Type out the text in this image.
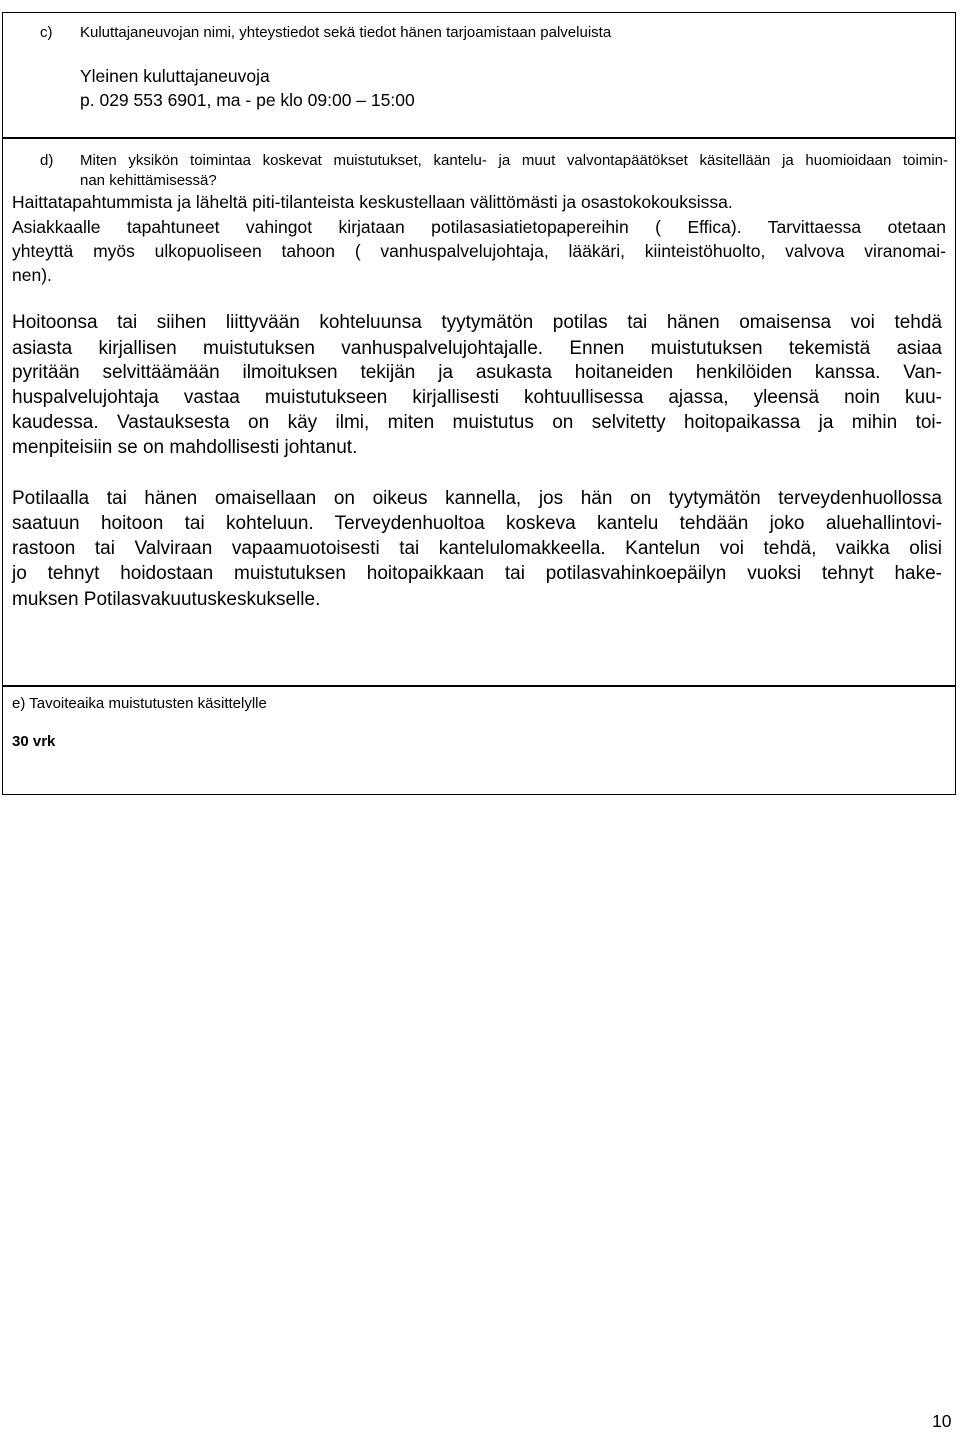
c) Kuluttajaneuvojan nimi, yhteystiedot sekä tiedot hänen tarjoamistaan palveluista

Yleinen kuluttajaneuvoja

p. 029 553 6901, ma - pe klo 09:00 – 15:00

d) Miten yksikön toimintaa koskevat muistutukset, kantelu- ja muut valvontapäätökset käsitellään ja huomioidaan toimin-

nan kehittämisessä?

Haittatapahtummista ja läheltä piti-tilanteista keskustellaan välittömästi ja osastokokouksissa.

Asiakkaalle tapahtuneet vahingot kirjataan potilasasiatietopapereihin ( Effica). Tarvittaessa otetaan

yhteyttä myös ulkopuoliseen tahoon ( vanhuspalvelujohtaja, lääkäri, kiinteistöhuolto, valvova viranomai-

nen).

Hoitoonsa tai siihen liittyvään kohteluunsa tyytymätön potilas tai hänen omaisensa voi tehdä

asiasta kirjallisen muistutuksen vanhuspalvelujohtajalle. Ennen muistutuksen tekemistä asiaa

pyritään selvittäämään ilmoituksen tekijän ja asukasta hoitaneiden henkilöiden kanssa. Van-

huspalvelujohtaja vastaa muistutukseen kirjallisesti kohtuullisessa ajassa, yleensä noin kuu-

kaudessa. Vastauksesta on käy ilmi, miten muistutus on selvitetty hoitopaikassa ja mihin toi-

menpiteisiin se on mahdollisesti johtanut.

Potilaalla tai hänen omaisellaan on oikeus kannella, jos hän on tyytymätön terveydenhuollossa

saatuun hoitoon tai kohteluun. Terveydenhuoltoa koskeva kantelu tehdään joko aluehallintovi-

rastoon tai Valviraan vapaamuotoisesti tai kantelulomakkeella. Kantelun voi tehdä, vaikka olisi

jo tehnyt hoidostaan muistutuksen hoitopaikkaan tai potilasvahinkoepäilyn vuoksi tehnyt hake-

muksen Potilasvakuutuskeskukselle.

e) Tavoiteaika muistutusten käsittelylle

30 vrk

10
